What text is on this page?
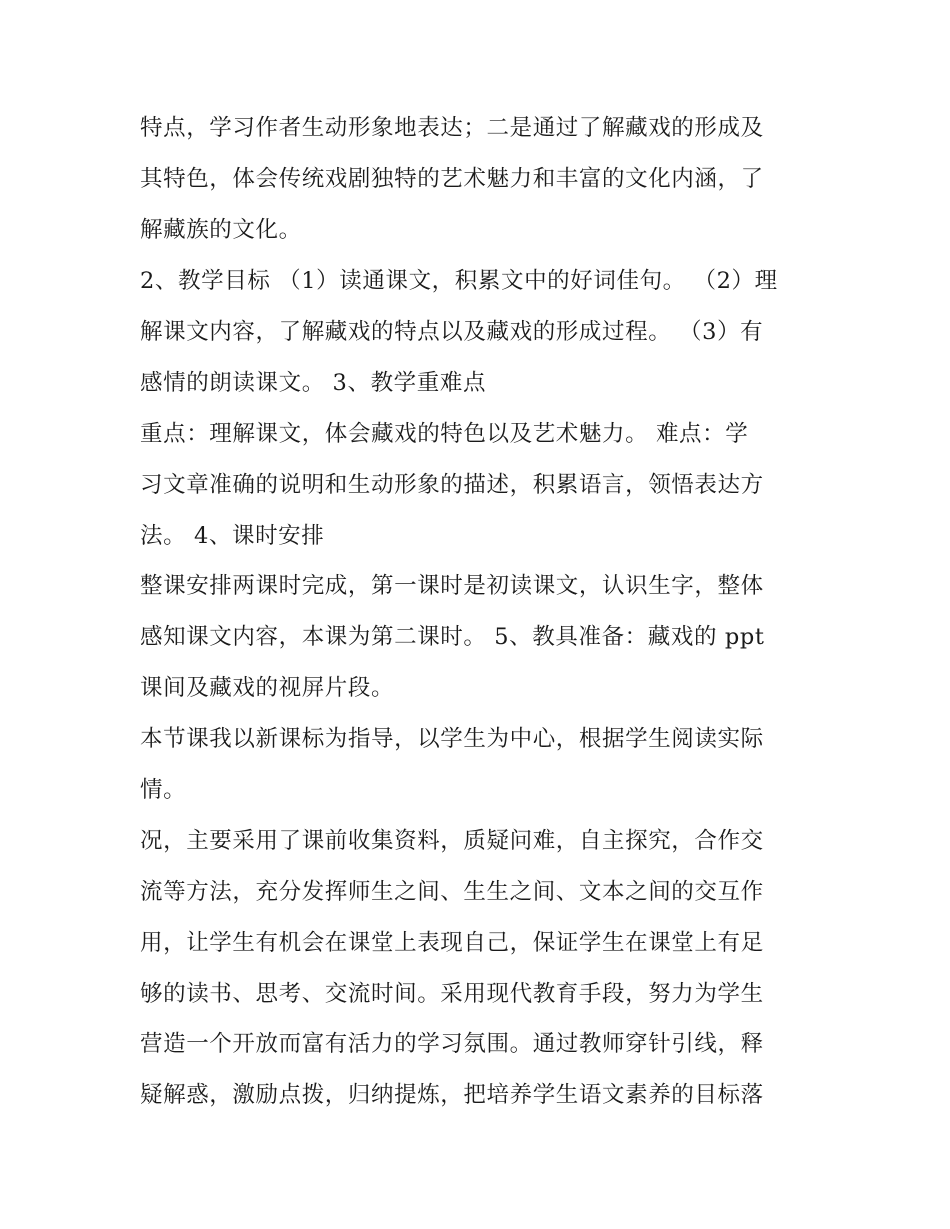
特点，学习作者生动形象地表达；二是通过了解藏戏的形成及
其特色，体会传统戏剧独特的艺术魅力和丰富的文化内涵，了
解藏族的文化。
2、教学目标 （1）读通课文，积累文中的好词佳句。 （2）理
解课文内容，了解藏戏的特点以及藏戏的形成过程。 （3）有
感情的朗读课文。 3、教学重难点
重点：理解课文，体会藏戏的特色以及艺术魅力。 难点：学
习文章准确的说明和生动形象的描述，积累语言，领悟表达方
法。 4、课时安排
整课安排两课时完成，第一课时是初读课文，认识生字，整体
感知课文内容，本课为第二课时。 5、教具准备：藏戏的 ppt
课间及藏戏的视屏片段。
本节课我以新课标为指导，以学生为中心，根据学生阅读实际
情。
况，主要采用了课前收集资料，质疑问难，自主探究，合作交
流等方法，充分发挥师生之间、生生之间、文本之间的交互作
用，让学生有机会在课堂上表现自己，保证学生在课堂上有足
够的读书、思考、交流时间。采用现代教育手段，努力为学生
营造一个开放而富有活力的学习氛围。通过教师穿针引线，释
疑解惑，激励点拨，归纳提炼，把培养学生语文素养的目标落
